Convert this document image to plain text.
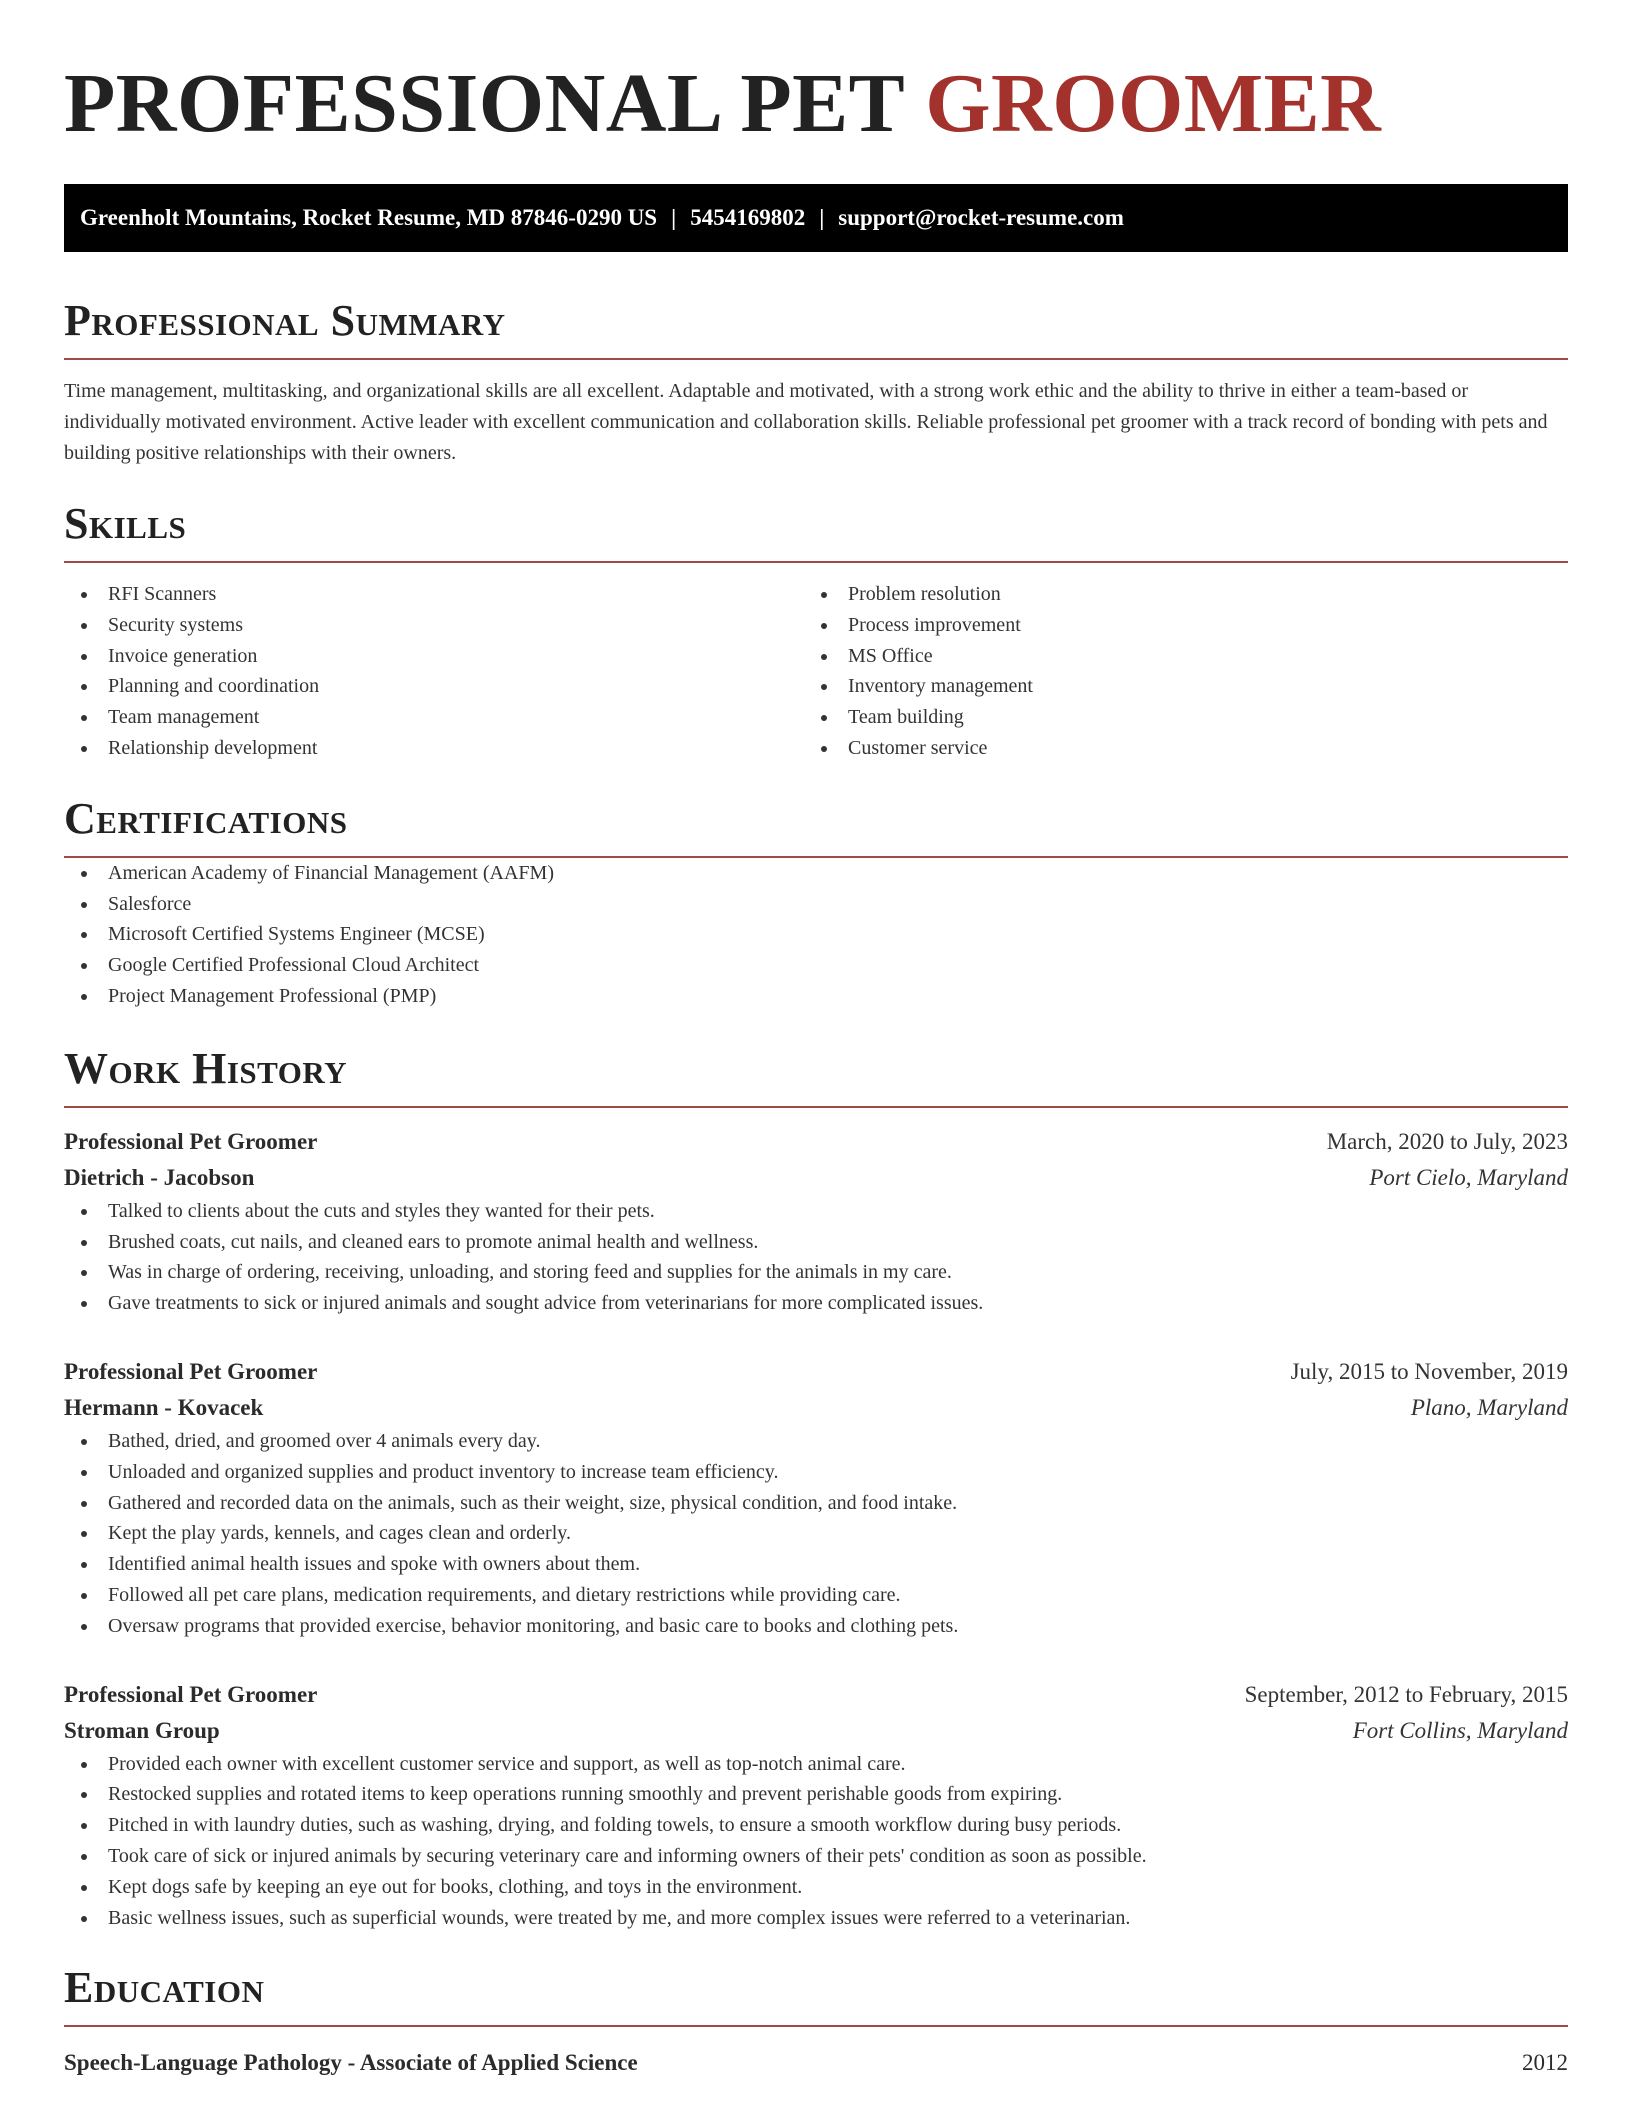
PROFESSIONAL PET GROOMER
Greenholt Mountains, Rocket Resume, MD 87846-0290 US | 5454169802 | support@rocket-resume.com
Professional Summary

Time management, multitasking, and organizational skills are all excellent. Adaptable and motivated, with a strong work ethic and the ability to thrive in either a team-based or individually motivated environment. Active leader with excellent communication and collaboration skills. Reliable professional pet groomer with a track record of bonding with pets and building positive relationships with their owners.

Skills
RFI Scanners
Security systems
Invoice generation
Planning and coordination
Team management
Relationship development
Problem resolution
Process improvement
MS Office
Inventory management
Team building
Customer service
Certifications
American Academy of Financial Management (AAFM)
Salesforce
Microsoft Certified Systems Engineer (MCSE)
Google Certified Professional Cloud Architect
Project Management Professional (PMP)
Work History
Professional Pet Groomer	March, 2020 to July, 2023
Dietrich - Jacobson	Port Cielo, Maryland
Talked to clients about the cuts and styles they wanted for their pets.
Brushed coats, cut nails, and cleaned ears to promote animal health and wellness.
Was in charge of ordering, receiving, unloading, and storing feed and supplies for the animals in my care.
Gave treatments to sick or injured animals and sought advice from veterinarians for more complicated issues.
Professional Pet Groomer	July, 2015 to November, 2019
Hermann - Kovacek	Plano, Maryland
Bathed, dried, and groomed over 4 animals every day.
Unloaded and organized supplies and product inventory to increase team efficiency.
Gathered and recorded data on the animals, such as their weight, size, physical condition, and food intake.
Kept the play yards, kennels, and cages clean and orderly.
Identified animal health issues and spoke with owners about them.
Followed all pet care plans, medication requirements, and dietary restrictions while providing care.
Oversaw programs that provided exercise, behavior monitoring, and basic care to books and clothing pets.
Professional Pet Groomer	September, 2012 to February, 2015
Stroman Group	Fort Collins, Maryland
Provided each owner with excellent customer service and support, as well as top-notch animal care.
Restocked supplies and rotated items to keep operations running smoothly and prevent perishable goods from expiring.
Pitched in with laundry duties, such as washing, drying, and folding towels, to ensure a smooth workflow during busy periods.
Took care of sick or injured animals by securing veterinary care and informing owners of their pets' condition as soon as possible.
Kept dogs safe by keeping an eye out for books, clothing, and toys in the environment.
Basic wellness issues, such as superficial wounds, were treated by me, and more complex issues were referred to a veterinarian.
Education
Speech-Language Pathology - Associate of Applied Science	2012
